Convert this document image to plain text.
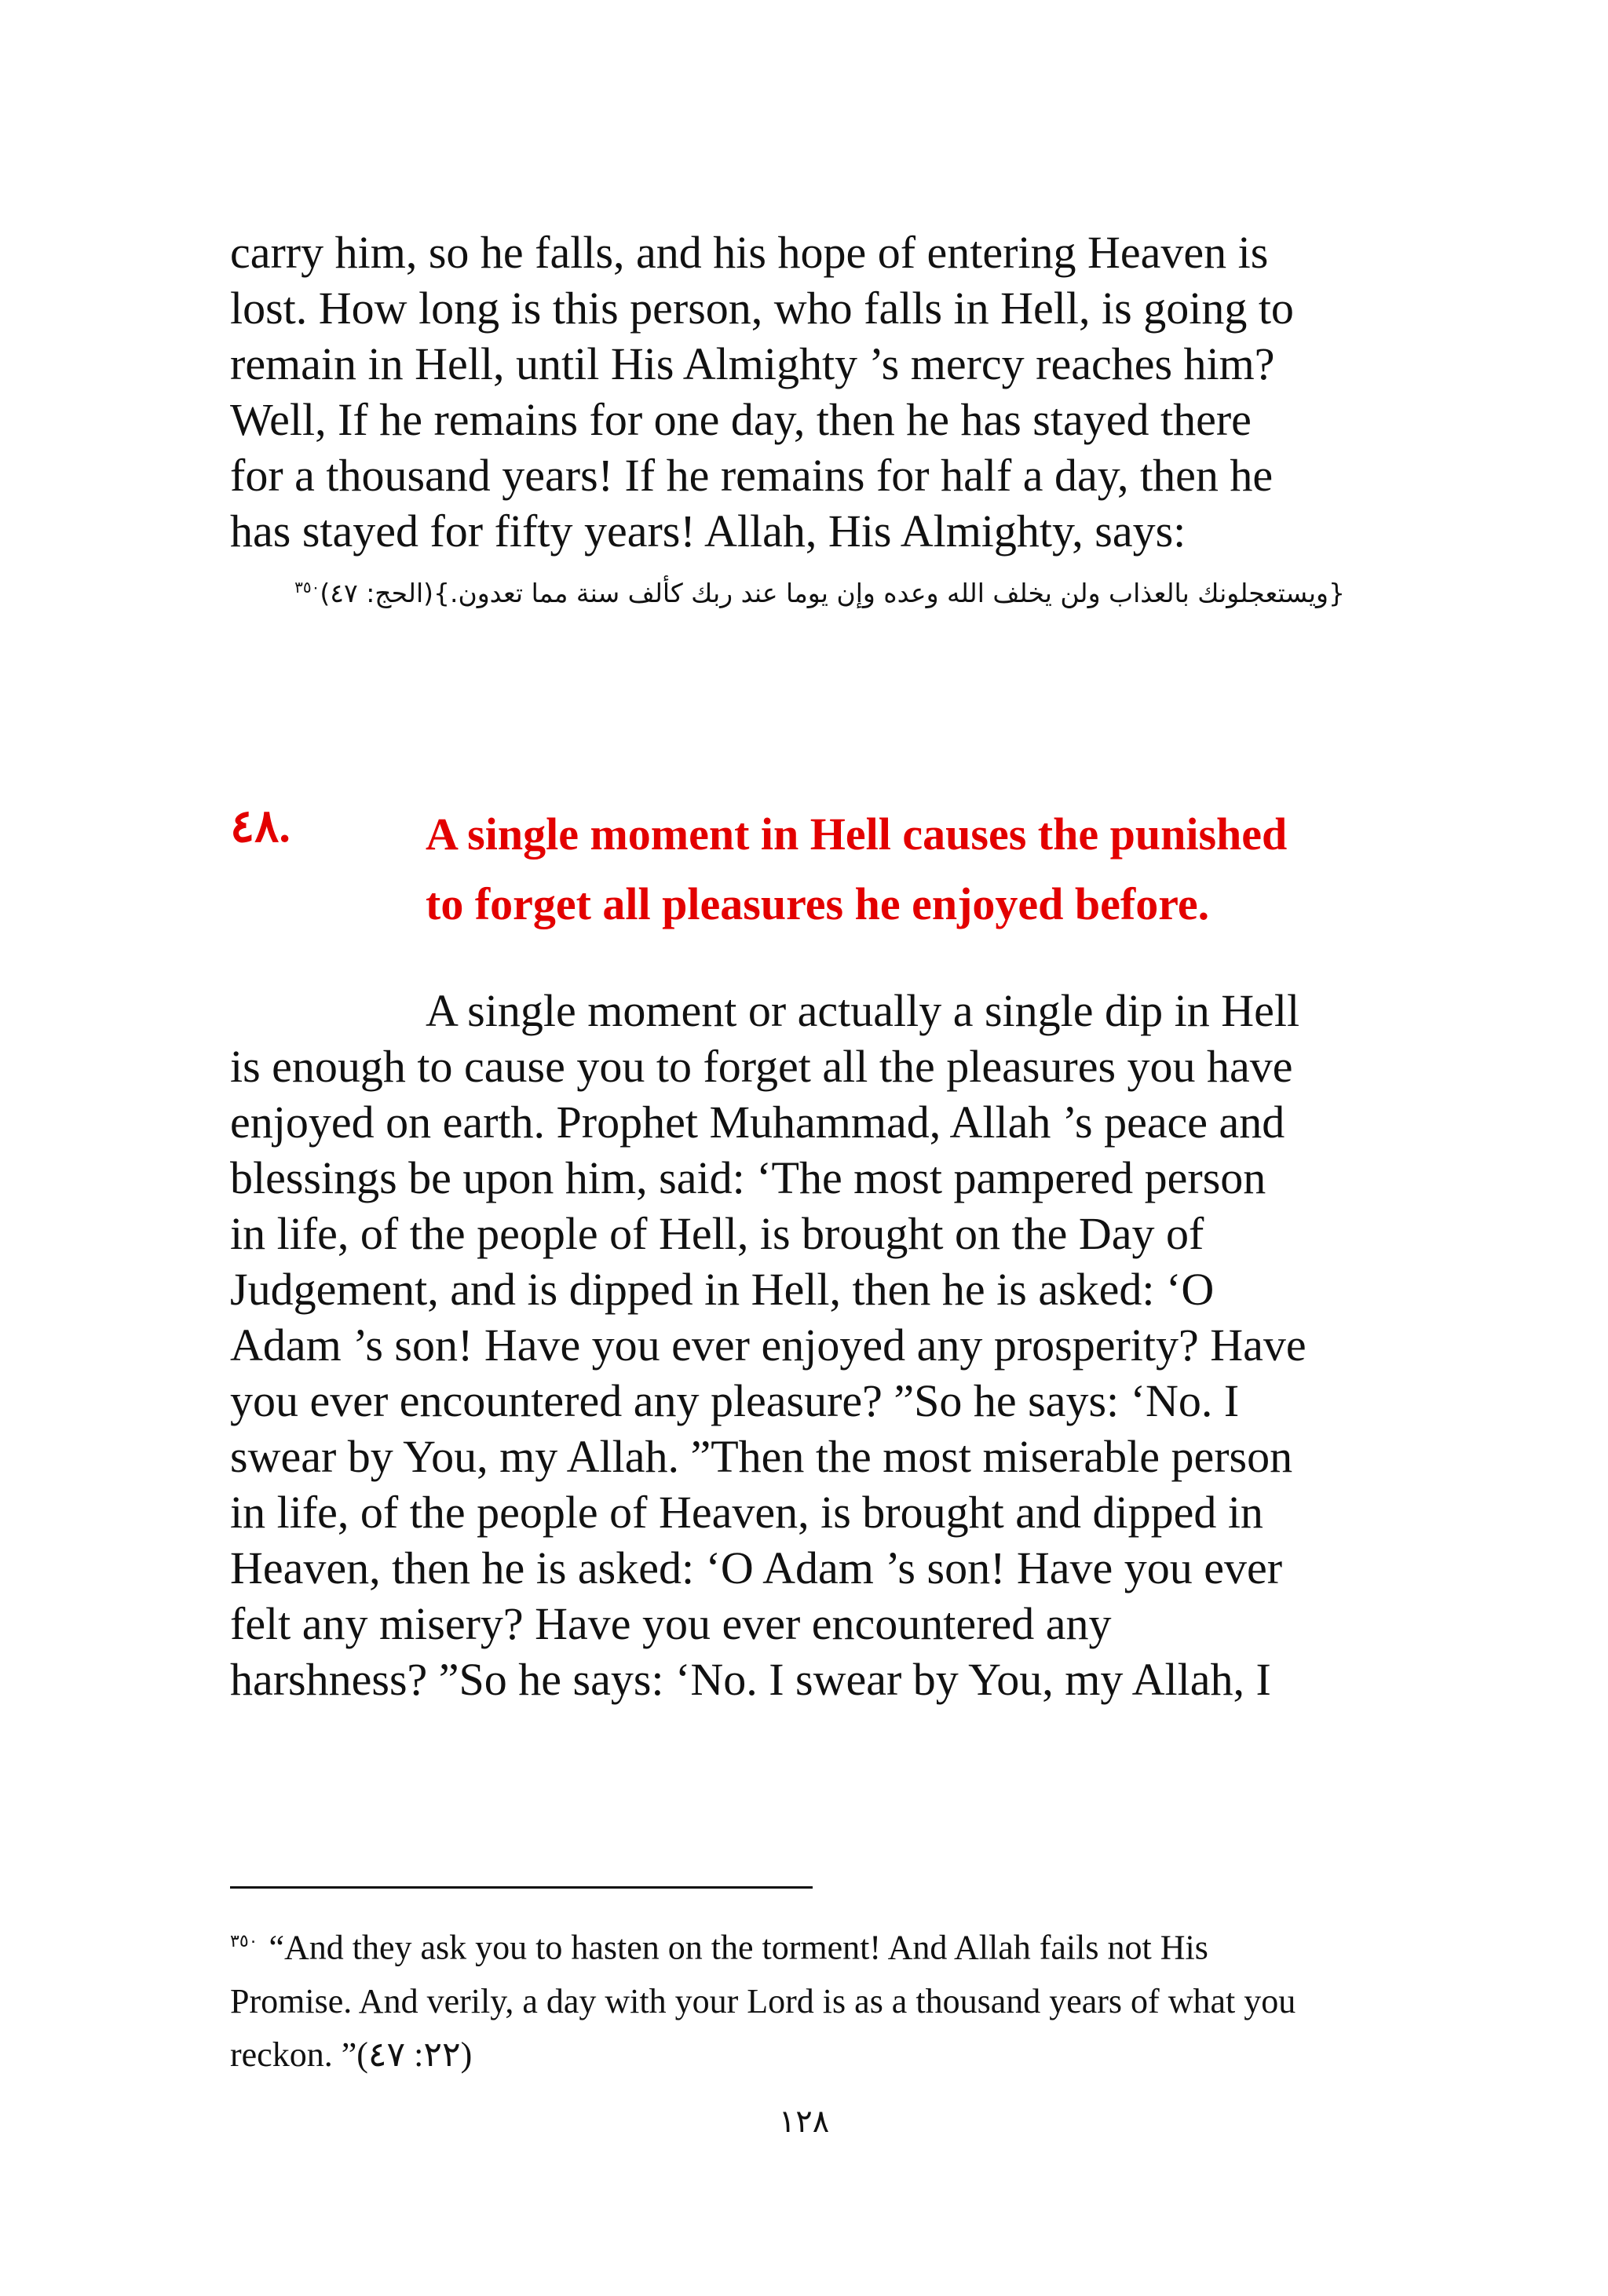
carry him, so he falls, and his hope of entering Heaven is
lost. How long is this person, who falls in Hell, is going to
remain in Hell, until His Almighty ’s mercy reaches him?
Well, If he remains for one day, then he has stayed there
for a thousand years! If he remains for half a day, then he
has stayed for fifty years! Allah, His Almighty, says:
{ويستعجلونك بالعذاب ولن يخلف الله وعده وإن يوما عند ربك كألف سنة مما تعدون.}(الحج: ٤٧)$^{٣٥٠}$
٤٨.	A single moment in Hell causes the punished
to forget all pleasures he enjoyed before.
A single moment or actually a single dip in Hell
is enough to cause you to forget all the pleasures you have
enjoyed on earth. Prophet Muhammad, Allah ’s peace and
blessings be upon him, said: ‘The most pampered person
in life, of the people of Hell, is brought on the Day of
Judgement, and is dipped in Hell, then he is asked: ‘O
Adam ’s son! Have you ever enjoyed any prosperity? Have
you ever encountered any pleasure? ”So he says: ‘No. I
swear by You, my Allah. ”Then the most miserable person
in life, of the people of Heaven, is brought and dipped in
Heaven, then he is asked: ‘O Adam ’s son! Have you ever
felt any misery? Have you ever encountered any
harshness? ”So he says: ‘No. I swear by You, my Allah, I
$^{٣٥٠}$ “And they ask you to hasten on the torment! And Allah fails not His
Promise. And verily, a day with your Lord is as a thousand years of what you
reckon. ”(٢٢: ٤٧)
١٢٨
